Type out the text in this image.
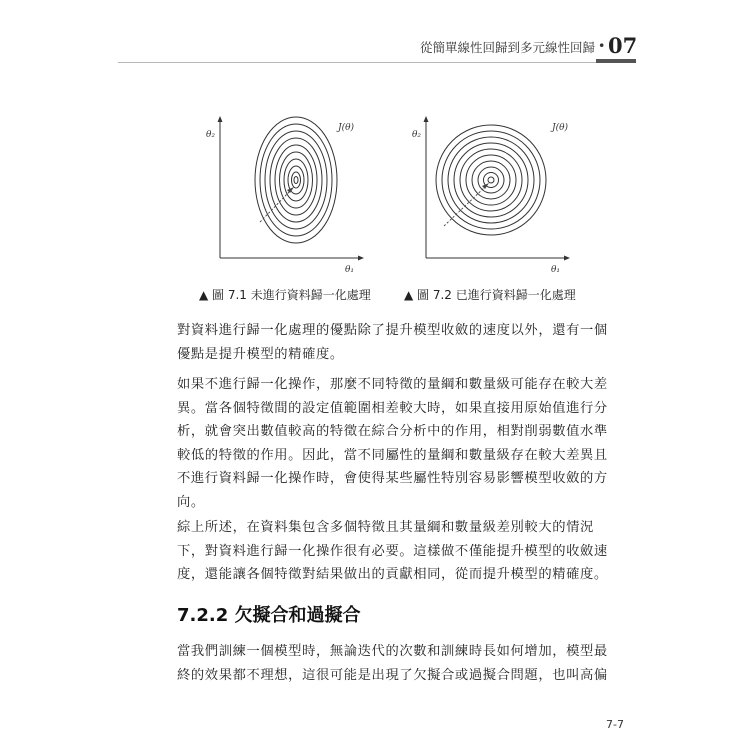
從簡單線性回歸到多元線性回歸 • 07
θ₂
J(θ)
θ₁
▲ 圖 7.1 未進行資料歸一化處理
θ₂
J(θ)
θ₁
▲ 圖 7.2 已進行資料歸一化處理
對資料進行歸一化處理的優點除了提升模型收斂的速度以外，還有一個
優點是提升模型的精確度。
如果不進行歸一化操作，那麼不同特徵的量綱和數量級可能存在較大差
異。當各個特徵間的設定值範圍相差較大時，如果直接用原始值進行分
析，就會突出數值較高的特徵在綜合分析中的作用，相對削弱數值水準
較低的特徵的作用。因此，當不同屬性的量綱和數量級存在較大差異且
不進行資料歸一化操作時，會使得某些屬性特別容易影響模型收斂的方
向。
綜上所述，在資料集包含多個特徵且其量綱和數量級差別較大的情況
下，對資料進行歸一化操作很有必要。這樣做不僅能提升模型的收斂速
度，還能讓各個特徵對結果做出的貢獻相同，從而提升模型的精確度。
7.2.2 欠擬合和過擬合
當我們訓練一個模型時，無論迭代的次數和訓練時長如何增加，模型最
終的效果都不理想，這很可能是出現了欠擬合或過擬合問題，也叫高偏
7-7
